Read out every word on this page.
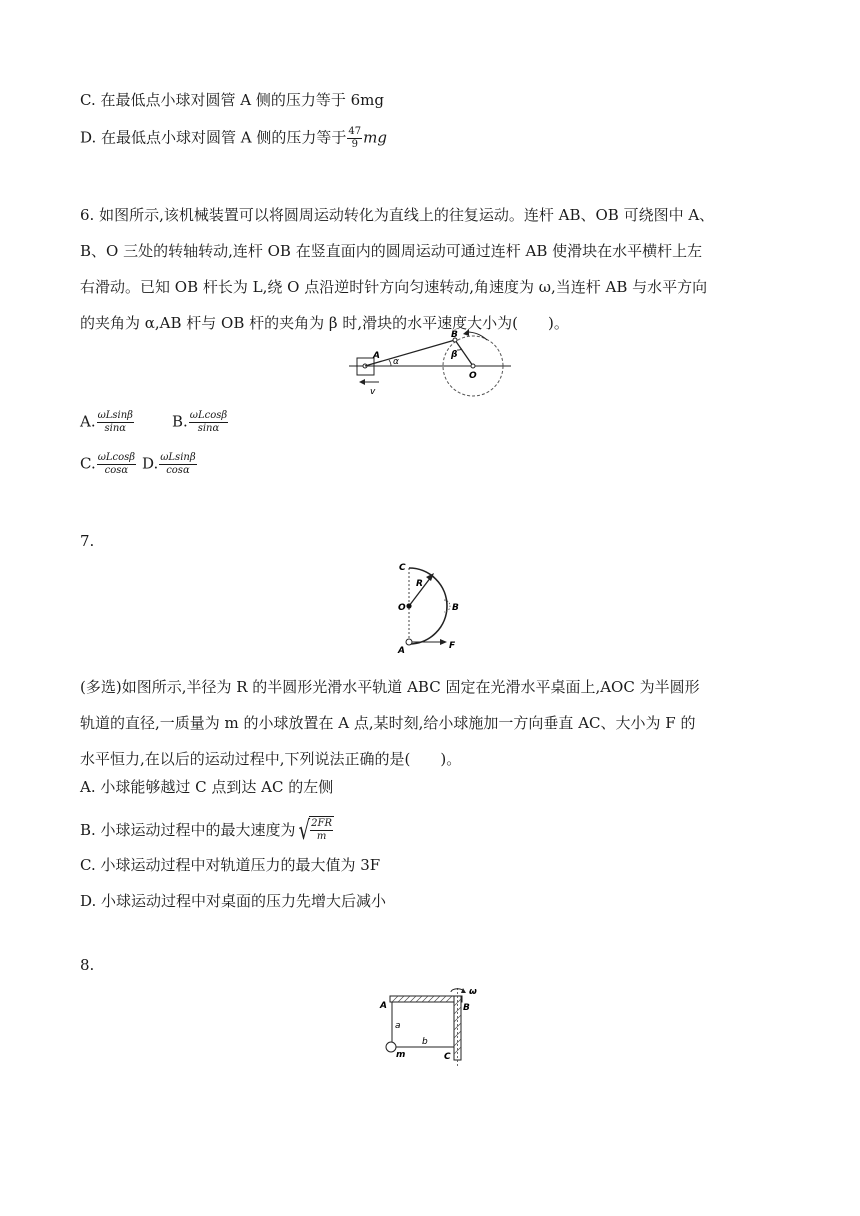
C. 在最低点小球对圆管 A 侧的压力等于 6mg
D. 在最低点小球对圆管 A 侧的压力等于 $\frac{47}{9}$ mg
6. 如图所示,该机械装置可以将圆周运动转化为直线上的往复运动。连杆 AB、OB 可绕图中 A、
B、O 三处的转轴转动,连杆 OB 在竖直面内的圆周运动可通过连杆 AB 使滑块在水平横杆上左
右滑动。已知 OB 杆长为 L,绕 O 点沿逆时针方向匀速转动,角速度为 ω,当连杆 AB 与水平方向
的夹角为 α,AB 杆与 OB 杆的夹角为 β 时,滑块的水平速度大小为(　　)。
A
B
O
α
β
v
A. $\frac{\omega Lsin\beta}{\sin\alpha}$	B. $\frac{\omega Lcos\beta}{\sin\alpha}$
C. $\frac{\omega Lcos\beta}{\cos\alpha} D$. $\frac{\omega Lsin\beta}{\cos\alpha}$
7.
C
R
O	B
A	F
(多选)如图所示,半径为 R 的半圆形光滑水平轨道 ABC 固定在光滑水平桌面上,AOC 为半圆形
轨道的直径,一质量为 m 的小球放置在 A 点,某时刻,给小球施加一方向垂直 AC、大小为 F 的
水平恒力,在以后的运动过程中,下列说法正确的是(　　)。
A. 小球能够越过 C 点到达 AC 的左侧
B. 小球运动过程中的最大速度为 √ $\frac{2FR}{m}$
C. 小球运动过程中对轨道压力的最大值为 3F
D. 小球运动过程中对桌面的压力先增大后减小
8.
A	B
C
a
b
m
ω
